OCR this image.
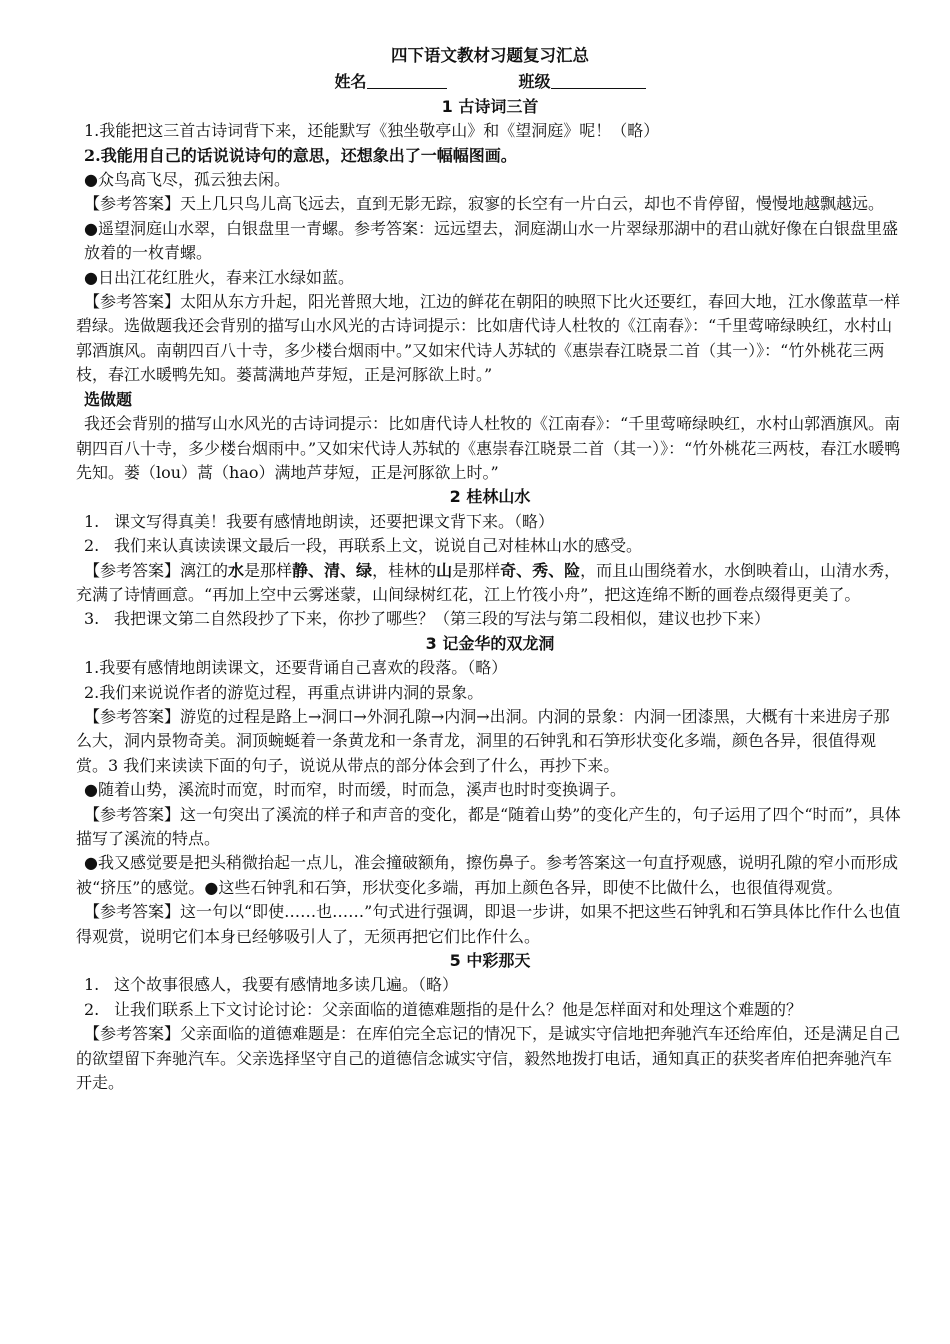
四下语文教材习题复习汇总
姓名	班级
1 古诗词三首

1.我能把这三首古诗词背下来，还能默写《独坐敬亭山》和《望洞庭》呢！（略）

2.我能用自己的话说说诗句的意思，还想象出了一幅幅图画。

●众鸟高飞尽，孤云独去闲。

【参考答案】天上几只鸟儿高飞远去，直到无影无踪，寂寥的长空有一片白云，却也不肯停留，慢慢地越飘越远。

●遥望洞庭山水翠，白银盘里一青螺。参考答案：远远望去，洞庭湖山水一片翠绿那湖中的君山就好像在白银盘里盛放着的一枚青螺。

●日出江花红胜火，春来江水绿如蓝。

【参考答案】太阳从东方升起，阳光普照大地，江边的鲜花在朝阳的映照下比火还要红，春回大地，江水像蓝草一样碧绿。选做题我还会背别的描写山水风光的古诗词提示：比如唐代诗人杜牧的《江南春》：“千里莺啼绿映红，水村山郭酒旗风。南朝四百八十寺，多少楼台烟雨中。”又如宋代诗人苏轼的《惠崇春江晓景二首（其一）》：“竹外桃花三两枝，春江水暖鸭先知。蒌蒿满地芦芽短，正是河豚欲上时。”

选做题

我还会背别的描写山水风光的古诗词提示：比如唐代诗人杜牧的《江南春》：“千里莺啼绿映红，水村山郭酒旗风。南朝四百八十寺，多少楼台烟雨中。”又如宋代诗人苏轼的《惠崇春江晓景二首（其一）》：“竹外桃花三两枝，春江水暖鸭先知。蒌（lou）蒿（hao）满地芦芽短，正是河豚欲上时。”

2 桂林山水

1. 课文写得真美！我要有感情地朗读，还要把课文背下来。（略）

2. 我们来认真读读课文最后一段，再联系上文，说说自己对桂林山水的感受。

【参考答案】漓江的水是那样静、清、绿，桂林的山是那样奇、秀、险，而且山围绕着水，水倒映着山，山清水秀，充满了诗情画意。“再加上空中云雾迷蒙，山间绿树红花，江上竹筏小舟”，把这连绵不断的画卷点缀得更美了。

3. 我把课文第二自然段抄了下来，你抄了哪些？（第三段的写法与第二段相似，建议也抄下来）

3 记金华的双龙洞

1.我要有感情地朗读课文，还要背诵自己喜欢的段落。（略）

2.我们来说说作者的游览过程，再重点讲讲内洞的景象。

【参考答案】游览的过程是路上→洞口→外洞孔隙→内洞→出洞。内洞的景象：内洞一团漆黑，大概有十来进房子那么大，洞内景物奇美。洞顶蜿蜒着一条黄龙和一条青龙，洞里的石钟乳和石笋形状变化多端，颜色各异，很值得观赏。3 我们来读读下面的句子，说说从带点的部分体会到了什么，再抄下来。

●随着山势，溪流时而宽，时而窄，时而缓，时而急，溪声也时时变换调子。

【参考答案】这一句突出了溪流的样子和声音的变化，都是“随着山势”的变化产生的，句子运用了四个“时而”，具体描写了溪流的特点。

●我又感觉要是把头稍微抬起一点儿，准会撞破额角，擦伤鼻子。参考答案这一句直抒观感，说明孔隙的窄小而形成被“挤压”的感觉。●这些石钟乳和石笋，形状变化多端，再加上颜色各异，即使不比做什么，也很值得观赏。

【参考答案】这一句以“即使……也……”句式进行强调，即退一步讲，如果不把这些石钟乳和石笋具体比作什么也值得观赏，说明它们本身已经够吸引人了，无须再把它们比作什么。

5 中彩那天

1. 这个故事很感人，我要有感情地多读几遍。（略）

2. 让我们联系上下文讨论讨论：父亲面临的道德难题指的是什么？他是怎样面对和处理这个难题的？

【参考答案】父亲面临的道德难题是：在库伯完全忘记的情况下，是诚实守信地把奔驰汽车还给库伯，还是满足自己的欲望留下奔驰汽车。父亲选择坚守自己的道德信念诚实守信，毅然地拨打电话，通知真正的获奖者库伯把奔驰汽车开走。
